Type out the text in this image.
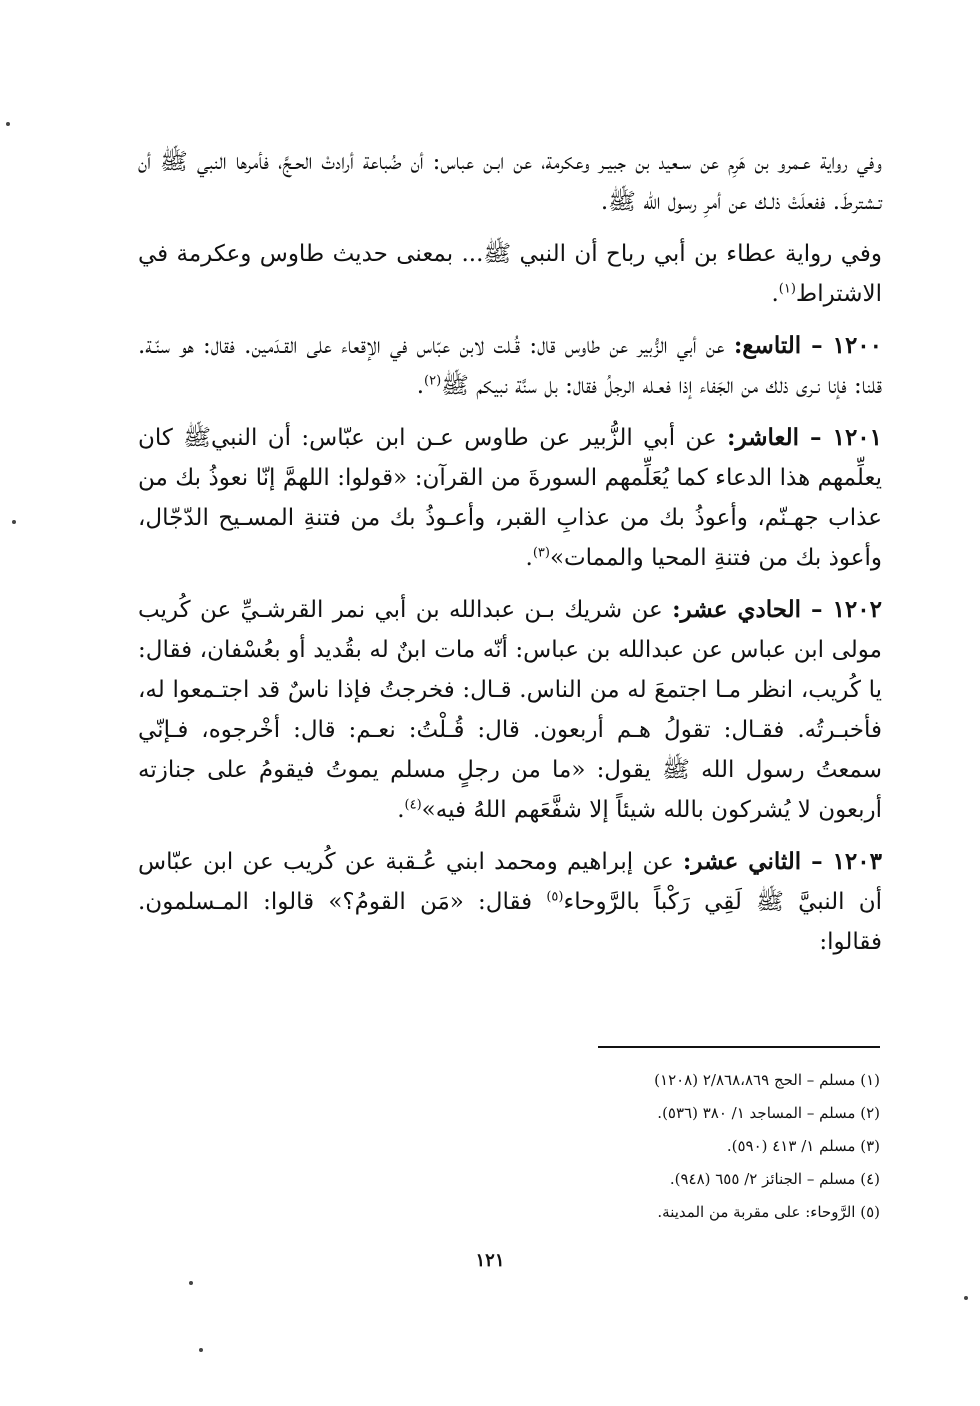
وفي رواية عـمرو بن هَرِم عن سـعيد بن جبيـر وعكرمة، عن ابـن عباس: أن ضُباعة أرادتْ الحـجَّ، فأمرها النبي ﷺ أن تـشترطَ. ففعلَتْ ذلـك عن أمرِ رسول الله ﷺ.

وفي رواية عطاء بن أبي رباح أن النبي ﷺ... بمعنى حديث طاوس وعكرمة في الاشتراط$^{(١)}$.

١٢٠٠ – التاسع: عن أبي الزُّبير عن طاوس قال: قُـلت لابن عبّاس في الإقعاء على القـدَمين. فقال: هو سنّـة. قلنا: فإنا نـرى ذلك من الجَفاء إذا فعـله الرجلُ فقال: بل سنَّة نبيكم ﷺ$^{(٢)}$.

١٢٠١ – العاشر: عن أبي الزُّبير عن طاوس عـن ابن عبّاس: أن النبيﷺ كان يعلِّمهم هذا الدعاء كما يُعَلِّمهم السورةَ من القرآن: «قولوا: اللهمَّ إنّا نعوذُ بك من عذاب جهـنّم، وأعوذُ بك من عذابِ القبر، وأعـوذُ بك من فتنةِ المسـيح الدّجّال، وأعوذ بك من فتنةِ المحيا والممات»$^{(٣)}$.

١٢٠٢ – الحادي عشر: عن شريك بـن عبدالله بن أبي نمر القرشـيِّ عن كُريب مولى ابن عباس عن عبدالله بن عباس: أنّه مات ابنٌ له بقُديد أو بعُسْفان، فقال: يا كُريب، انظر مـا اجتمعَ له من الناس. قـال: فخرجتُ فإذا ناسٌ قد اجتـمعوا له، فأخبـرتُه. فقـال: تقولُ هـم أربعون. قال: قُـلْتُ: نعـم: قال: أخْرجوه، فـإنّي سمعتُ رسول الله ﷺ يقول: «ما من رجلٍ مسلم يموتُ فيقومُ على جنازته أربعون لا يُشركون بالله شيئاً إلا شفَّعَهم اللهُ فيه»$^{(٤)}$.

١٢٠٣ – الثاني عشر: عن إبراهيم ومحمد ابني عُـقبة عن كُريب عن ابن عبّاس أن النبيَّ ﷺ لَقِي رَكْباً بالرَّوحاء$^{(٥)}$ فقال: «مَن القومُ؟» قالوا: المـسلمون. فقالوا:

(١) مسلم – الحج ٢/٨٦٨،٨٦٩ (١٢٠٨)

(٢) مسلم – المساجد ١/ ٣٨٠ (٥٣٦).

(٣) مسلم ١/ ٤١٣ (٥٩٠).

(٤) مسلم – الجنائز ٢/ ٦٥٥ (٩٤٨).

(٥) الرَّوحاء: على مقربة من المدينة.

١٢١
